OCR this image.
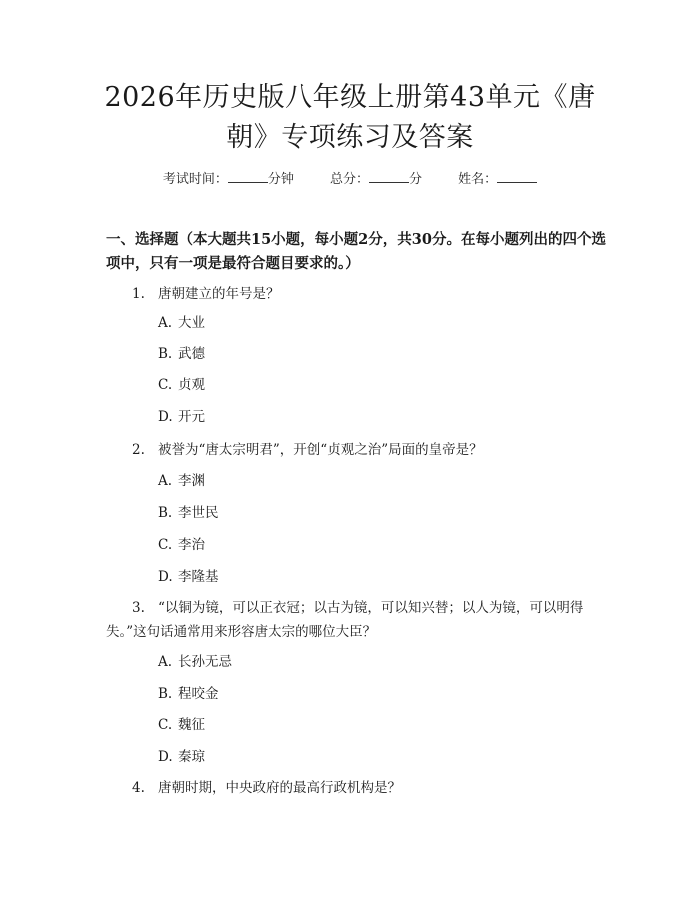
2026年历史版八年级上册第43单元《唐朝》专项练习及答案
考试时间：	分钟	总分：	分	姓名：
一、选择题（本大题共15小题，每小题2分，共30分。在每小题列出的四个选项中，只有一项是最符合题目要求的。）
1. 唐朝建立的年号是？
A. 大业
B. 武德
C. 贞观
D. 开元
2. 被誉为“唐太宗明君”，开创“贞观之治”局面的皇帝是？
A. 李渊
B. 李世民
C. 李治
D. 李隆基
3. “以铜为镜，可以正衣冠；以古为镜，可以知兴替；以人为镜，可以明得失。”这句话通常用来形容唐太宗的哪位大臣？
A. 长孙无忌
B. 程咬金
C. 魏征
D. 秦琼
4. 唐朝时期，中央政府的最高行政机构是？
